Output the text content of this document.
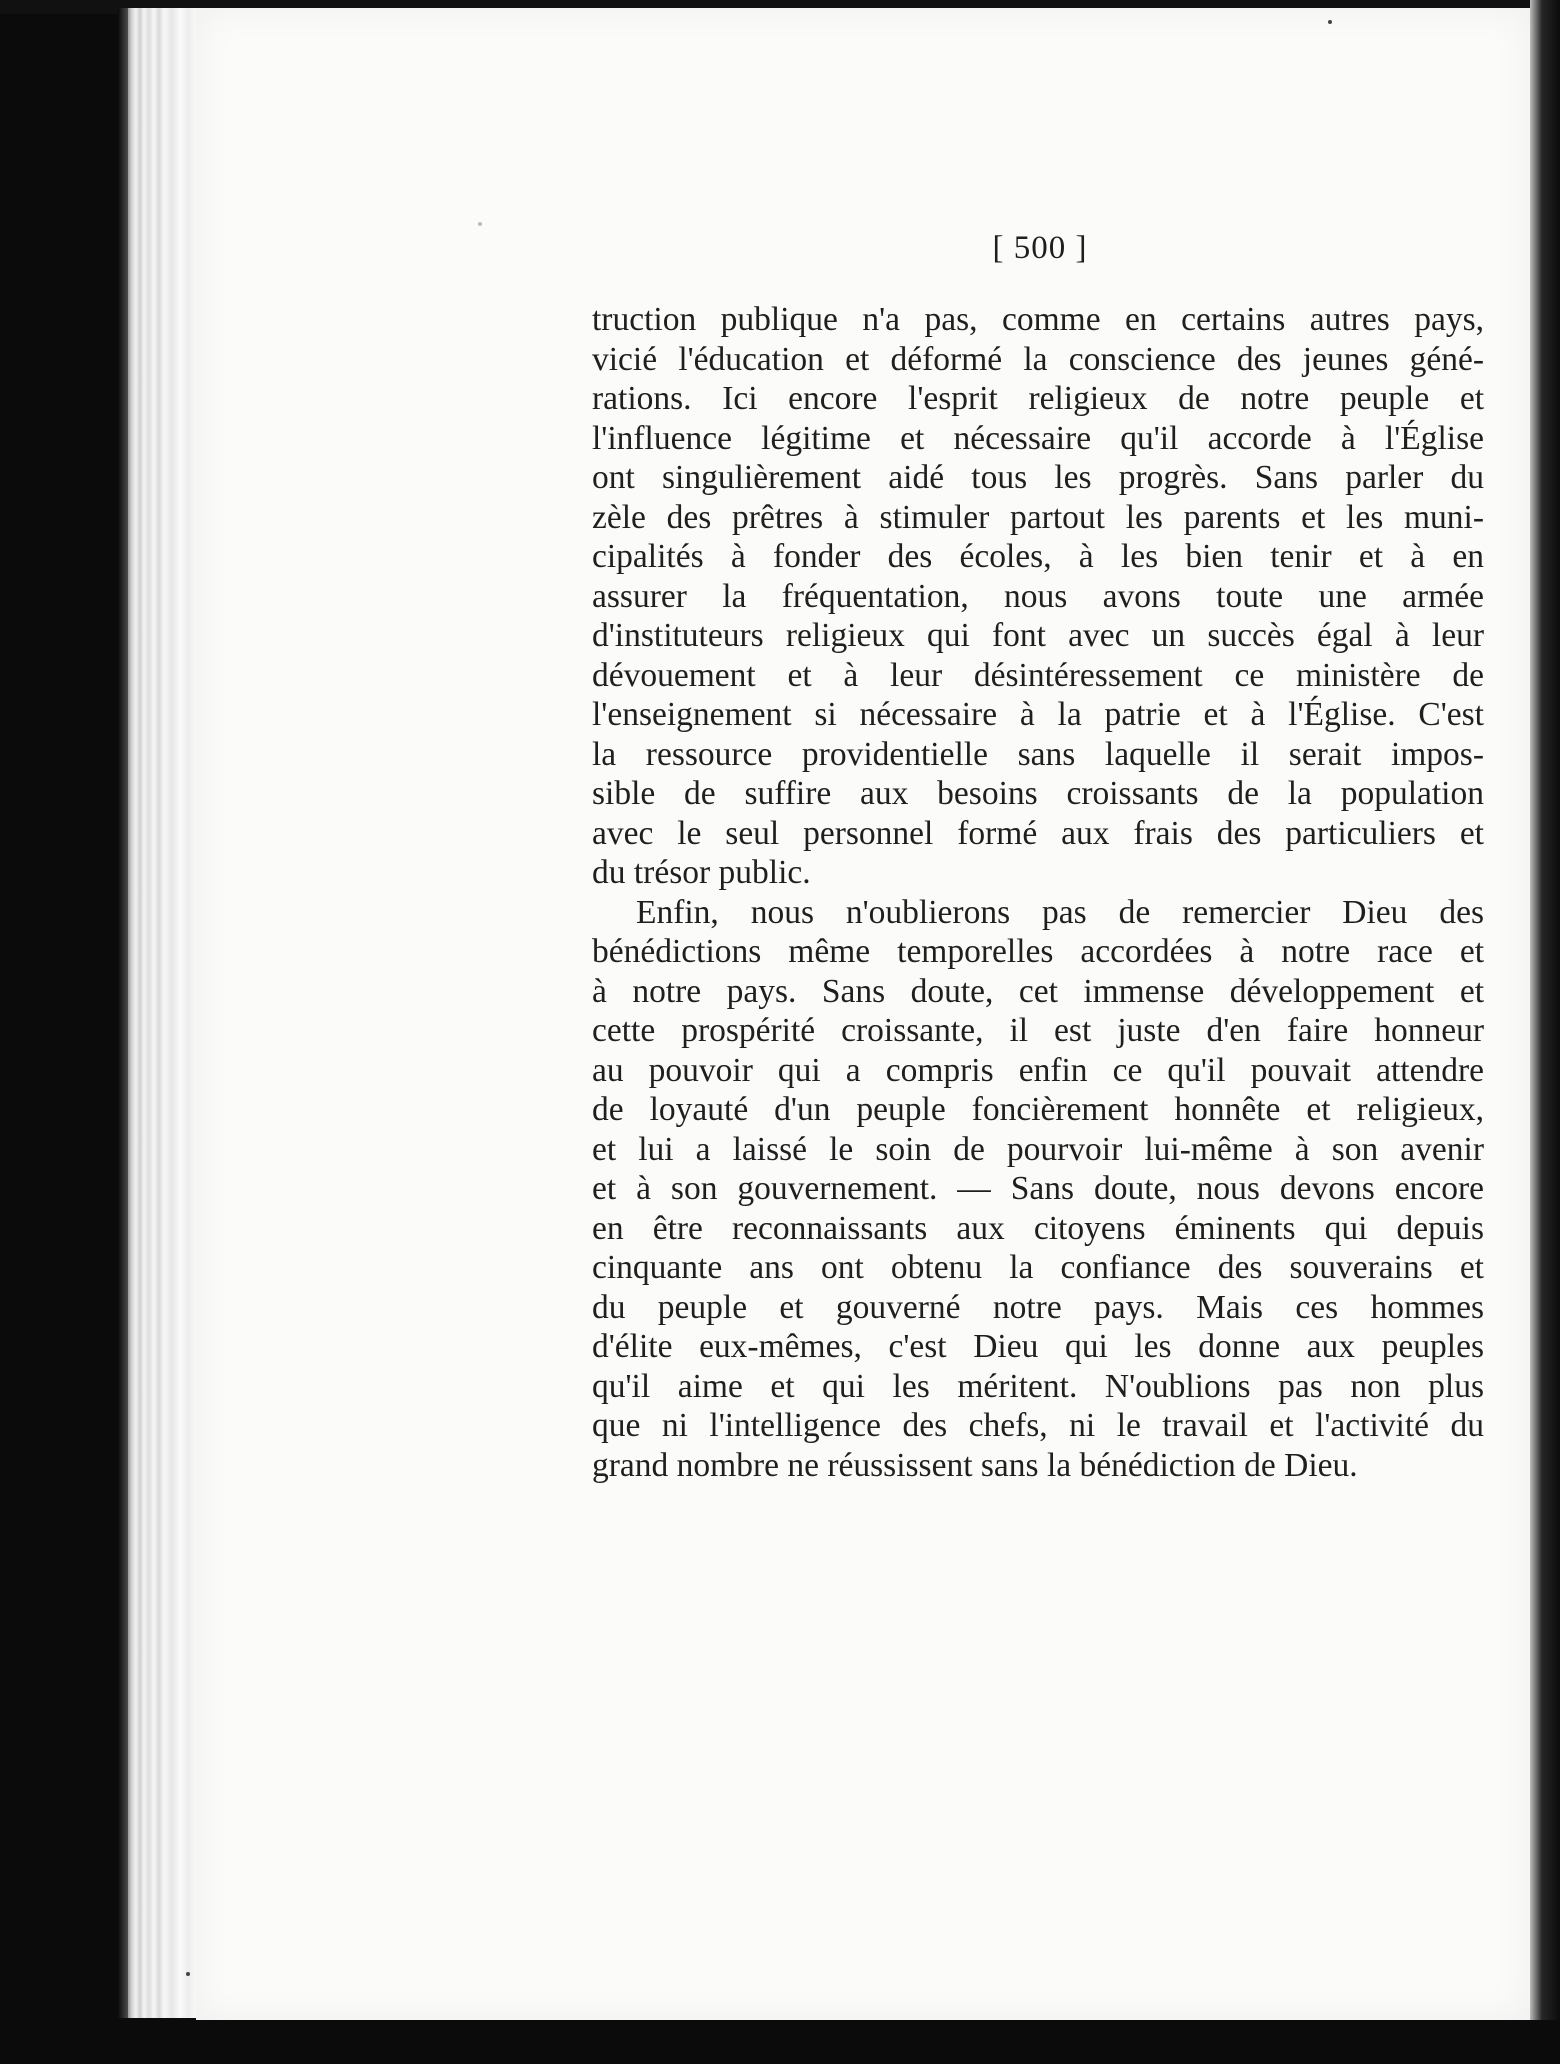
[ 500 ]
truction publique n'a pas, comme en certains autres pays,
vicié l'éducation et déformé la conscience des jeunes géné-
rations. Ici encore l'esprit religieux de notre peuple et
l'influence légitime et nécessaire qu'il accorde à l'Église
ont singulièrement aidé tous les progrès. Sans parler du
zèle des prêtres à stimuler partout les parents et les muni-
cipalités à fonder des écoles, à les bien tenir et à en
assurer la fréquentation, nous avons toute une armée
d'instituteurs religieux qui font avec un succès égal à leur
dévouement et à leur désintéressement ce ministère de
l'enseignement si nécessaire à la patrie et à l'Église. C'est
la ressource providentielle sans laquelle il serait impos-
sible de suffire aux besoins croissants de la population
avec le seul personnel formé aux frais des particuliers et
du trésor public.
Enfin, nous n'oublierons pas de remercier Dieu des
bénédictions même temporelles accordées à notre race et
à notre pays. Sans doute, cet immense développement et
cette prospérité croissante, il est juste d'en faire honneur
au pouvoir qui a compris enfin ce qu'il pouvait attendre
de loyauté d'un peuple foncièrement honnête et religieux,
et lui a laissé le soin de pourvoir lui-même à son avenir
et à son gouvernement. — Sans doute, nous devons encore
en être reconnaissants aux citoyens éminents qui depuis
cinquante ans ont obtenu la confiance des souverains et
du peuple et gouverné notre pays. Mais ces hommes
d'élite eux-mêmes, c'est Dieu qui les donne aux peuples
qu'il aime et qui les méritent. N'oublions pas non plus
que ni l'intelligence des chefs, ni le travail et l'activité du
grand nombre ne réussissent sans la bénédiction de Dieu.
